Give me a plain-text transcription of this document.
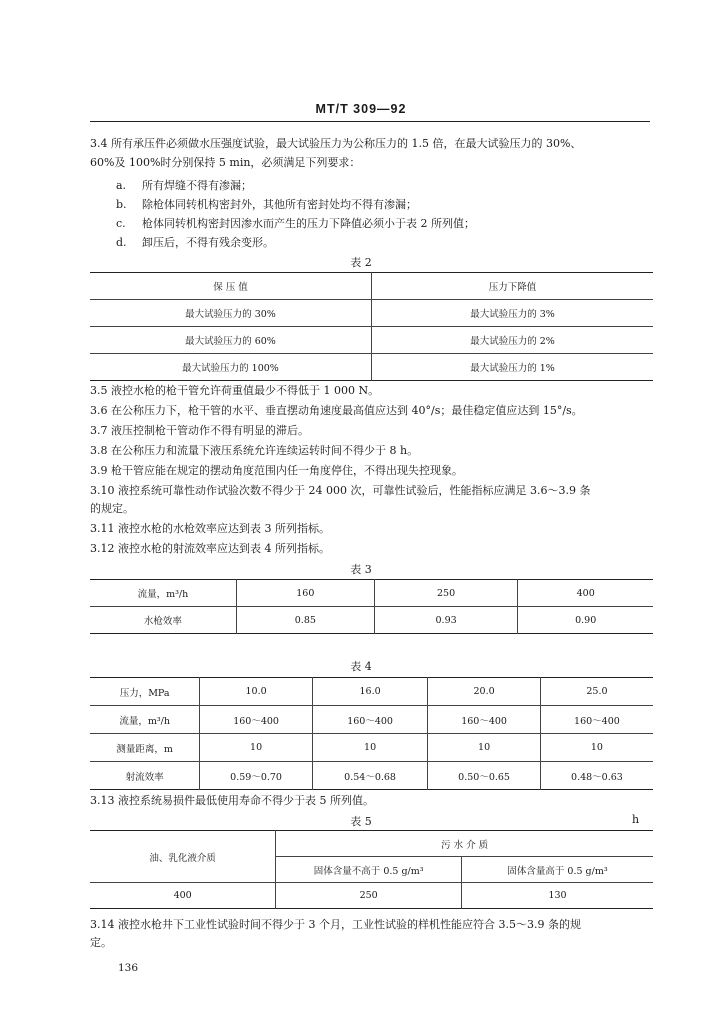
MT/T 309—92
3.4 所有承压件必须做水压强度试验，最大试验压力为公称压力的 1.5 倍，在最大试验压力的 30%、
60%及 100%时分别保持 5 min，必须满足下列要求：
a. 所有焊缝不得有渗漏；
b. 除枪体同转机构密封外，其他所有密封处均不得有渗漏；
c. 枪体同转机构密封因渗水而产生的压力下降值必须小于表 2 所列值；
d. 卸压后，不得有残余变形。
表 2
保 压 值	压力下降值
最大试验压力的 30%	最大试验压力的 3%
最大试验压力的 60%	最大试验压力的 2%
最大试验压力的 100%	最大试验压力的 1%
3.5 液控水枪的枪干管允许荷重值最少不得低于 1 000 N。
3.6 在公称压力下，枪干管的水平、垂直摆动角速度最高值应达到 40°/s；最佳稳定值应达到 15°/s。
3.7 液压控制枪干管动作不得有明显的滞后。
3.8 在公称压力和流量下液压系统允许连续运转时间不得少于 8 h。
3.9 枪干管应能在规定的摆动角度范围内任一角度停住，不得出现失控现象。
3.10 液控系统可靠性动作试验次数不得少于 24 000 次，可靠性试验后，性能指标应满足 3.6～3.9 条
的规定。
3.11 液控水枪的水枪效率应达到表 3 所列指标。
3.12 液控水枪的射流效率应达到表 4 所列指标。
表 3
流量，m³/h	160	250	400
水枪效率	0.85	0.93	0.90
表 4
压力，MPa	10.0	16.0	20.0	25.0
流量，m³/h	160～400	160～400	160～400	160～400
测量距离，m	10	10	10	10
射流效率	0.59～0.70	0.54～0.68	0.50～0.65	0.48～0.63
3.13 液控系统易损件最低使用寿命不得少于表 5 所列值。
表 5	h
油、乳化液介质	污 水 介 质	
	固体含量不高于 0.5 g/m³	固体含量高于 0.5 g/m³
400	250	130
3.14 液控水枪井下工业性试验时间不得少于 3 个月，工业性试验的样机性能应符合 3.5～3.9 条的规
定。
136
